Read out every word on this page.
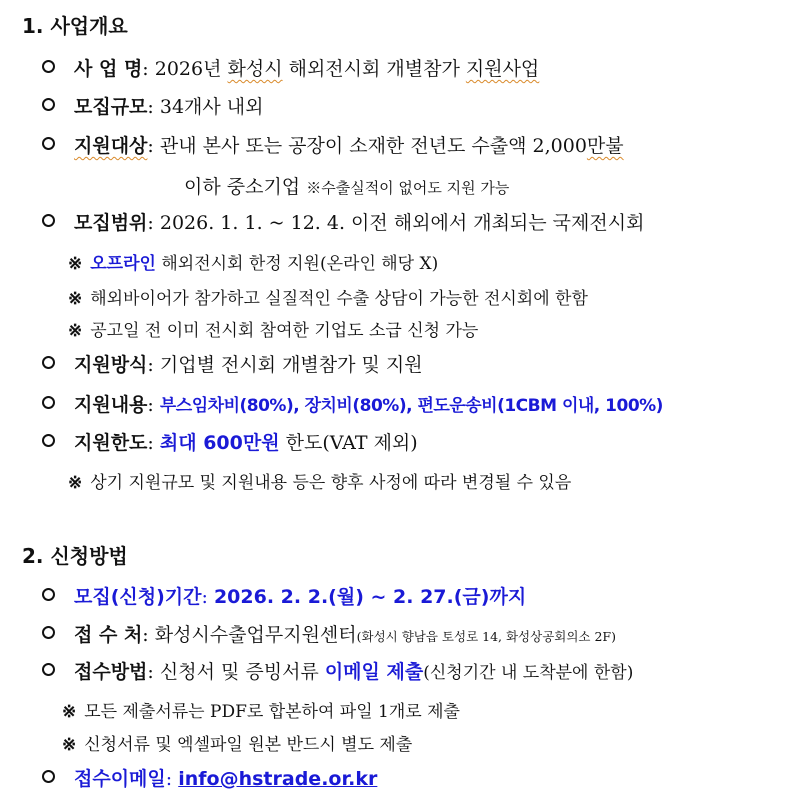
1. 사업개요
사 업 명: 2026년 화성시 해외전시회 개별참가 지원사업
모집규모: 34개사 내외
지원대상: 관내 본사 또는 공장이 소재한 전년도 수출액 2,000만불
이하 중소기업 ※수출실적이 없어도 지원 가능
모집범위: 2026. 1. 1. ~ 12. 4. 이전 해외에서 개최되는 국제전시회
※ 오프라인 해외전시회 한정 지원(온라인 해당 X)
※ 해외바이어가 참가하고 실질적인 수출 상담이 가능한 전시회에 한함
※ 공고일 전 이미 전시회 참여한 기업도 소급 신청 가능
지원방식: 기업별 전시회 개별참가 및 지원
지원내용: 부스임차비(80%), 장치비(80%), 편도운송비(1CBM 이내, 100%)
지원한도: 최대 600만원 한도(VAT 제외)
※ 상기 지원규모 및 지원내용 등은 향후 사정에 따라 변경될 수 있음
2. 신청방법
모집(신청)기간: 2026. 2. 2.(월) ~ 2. 27.(금)까지
접 수 처: 화성시수출업무지원센터(화성시 향남읍 토성로 14, 화성상공회의소 2F)
접수방법: 신청서 및 증빙서류 이메일 제출(신청기간 내 도착분에 한함)
※ 모든 제출서류는 PDF로 합본하여 파일 1개로 제출
※ 신청서류 및 엑셀파일 원본 반드시 별도 제출
접수이메일: info@hstrade.or.kr
